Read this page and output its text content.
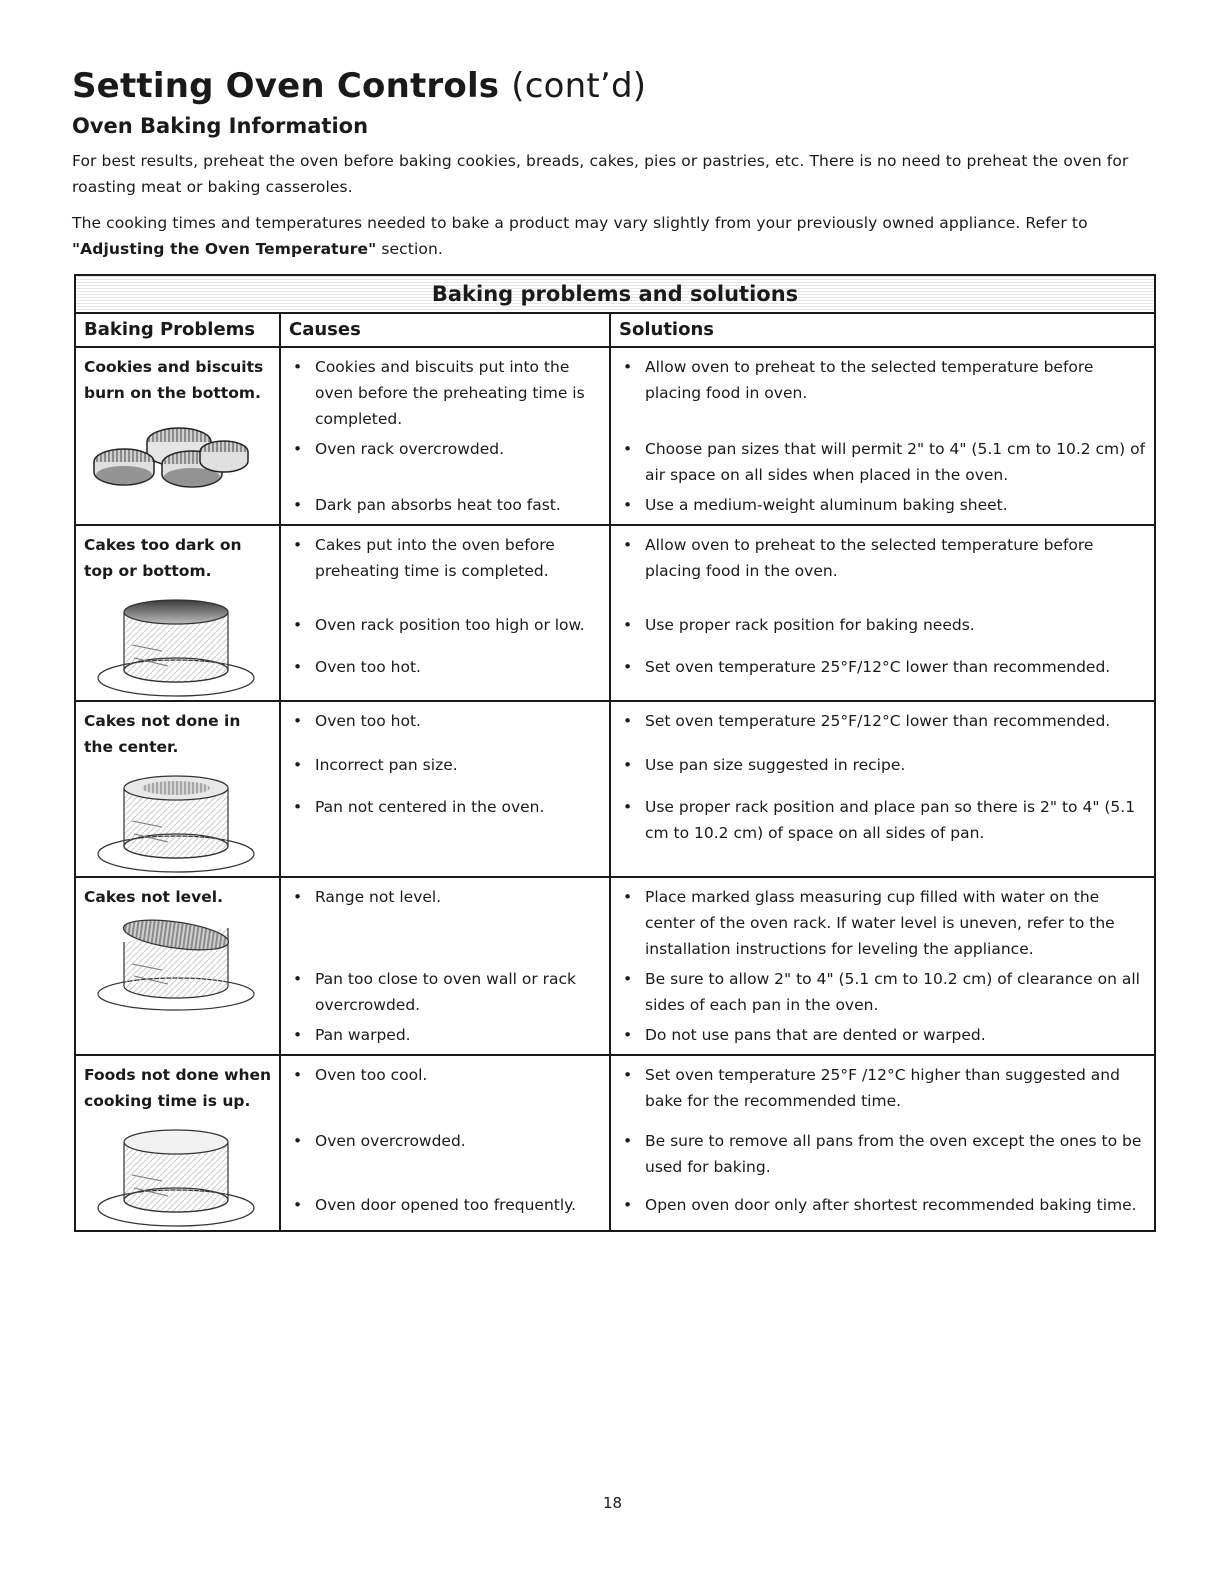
Setting Oven Controls (cont’d)
Oven Baking Information

For best results, preheat the oven before baking cookies, breads, cakes, pies or pastries, etc. There is no need to preheat the oven for roasting meat or baking casseroles.

The cooking times and temperatures needed to bake a product may vary slightly from your previously owned appliance. Refer to "Adjusting the Oven Temperature" section.

Baking problems and solutions		
Baking Problems	Causes	Solutions

Cookies and biscuits burn on the bottom.	• Cookies and biscuits put into the oven before the preheating time is completed.	• Allow oven to preheat to the selected temperature before placing food in oven.

	• Oven rack overcrowded.	• Choose pan sizes that will permit 2" to 4" (5.1 cm to 10.2 cm) of air space on all sides when placed in the oven.

	• Dark pan absorbs heat too fast.	• Use a medium-weight aluminum baking sheet.

Cakes too dark on top or bottom.	• Cakes put into the oven before preheating time is completed.	• Allow oven to preheat to the selected temperature before placing food in the oven.

	• Oven rack position too high or low.	• Use proper rack position for baking needs.

	• Oven too hot.	• Set oven temperature 25°F/12°C lower than recommended.

Cakes not done in the center.	• Oven too hot.	• Set oven temperature 25°F/12°C lower than recommended.

	• Incorrect pan size.	• Use pan size suggested in recipe.

	• Pan not centered in the oven.	• Use proper rack position and place pan so there is 2" to 4" (5.1 cm to 10.2 cm) of space on all sides of pan.

Cakes not level.	• Range not level.	• Place marked glass measuring cup filled with water on the center of the oven rack. If water level is uneven, refer to the installation instructions for leveling the appliance.

	• Pan too close to oven wall or rack overcrowded.	• Be sure to allow 2" to 4" (5.1 cm to 10.2 cm) of clearance on all sides of each pan in the oven.

	• Pan warped.	• Do not use pans that are dented or warped.

Foods not done when cooking time is up.	• Oven too cool.	• Set oven temperature 25°F /12°C higher than suggested and bake for the recommended time.

	• Oven overcrowded.	• Be sure to remove all pans from the oven except the ones to be used for baking.

	• Oven door opened too frequently.	• Open oven door only after shortest recommended baking time.
18
